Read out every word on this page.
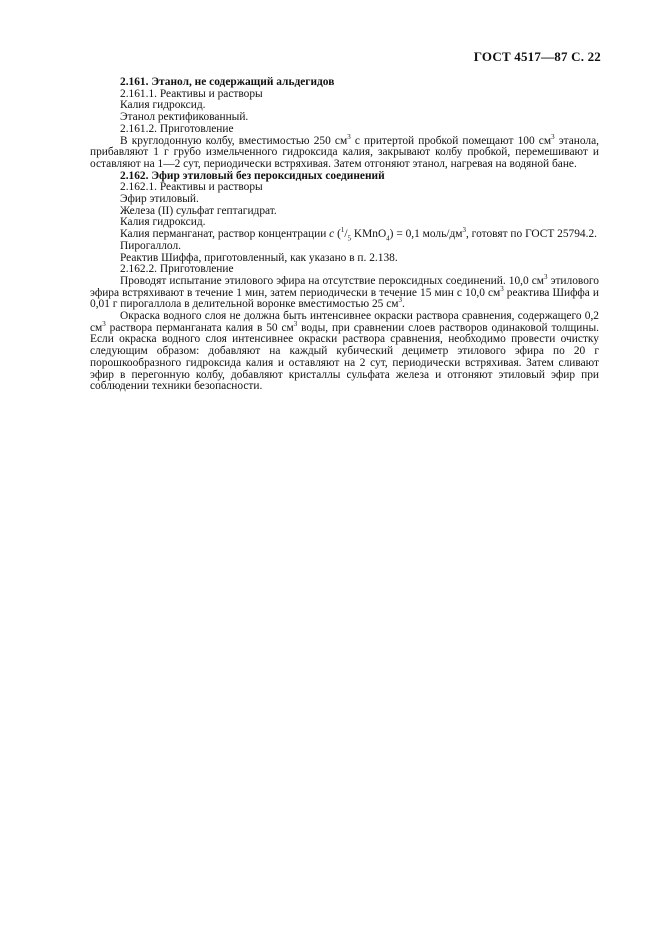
ГОСТ 4517—87 С. 22

2.161. Этанол, не содержащий альдегидов

2.161.1. Реактивы и растворы

Калия гидроксид.

Этанол ректификованный.

2.161.2. Приготовление

В круглодонную колбу, вместимостью 250 $см^3$ с притертой пробкой помещают 100 $см^3$ этанола, прибавляют 1 г грубо измельченного гидроксида калия, закрывают колбу пробкой, перемешивают и оставляют на 1—2 сут, периодически встряхивая. Затем отгоняют этанол, нагревая на водяной бане.

2.162. Эфир этиловый без пероксидных соединений

2.162.1. Реактивы и растворы

Эфир этиловый.

Железа (II) сульфат гептагидрат.

Калия гидроксид.

Калия перманганат, раствор концентрации c ($^1/_5$ KMnO$_4$) = 0,1 моль/$дм^3$, готовят по ГОСТ 25794.2.

Пирогаллол.

Реактив Шиффа, приготовленный, как указано в п. 2.138.

2.162.2. Приготовление

Проводят испытание этилового эфира на отсутствие пероксидных соединений. 10,0 $см^3$ этилового эфира встряхивают в течение 1 мин, затем периодически в течение 15 мин с 10,0 $см^3$ реактива Шиффа и 0,01 г пирогаллола в делительной воронке вместимостью 25 $см^3$.

Окраска водного слоя не должна быть интенсивнее окраски раствора сравнения, содержащего 0,2 $см^3$ раствора перманганата калия в 50 $см^3$ воды, при сравнении слоев растворов одинаковой толщины. Если окраска водного слоя интенсивнее окраски раствора сравнения, необходимо провести очистку следующим образом: добавляют на каждый кубический дециметр этилового эфира по 20 г порошкообразного гидроксида калия и оставляют на 2 сут, периодически встряхивая. Затем сливают эфир в перегонную колбу, добавляют кристаллы сульфата железа и отгоняют этиловый эфир при соблюдении техники безопасности.
